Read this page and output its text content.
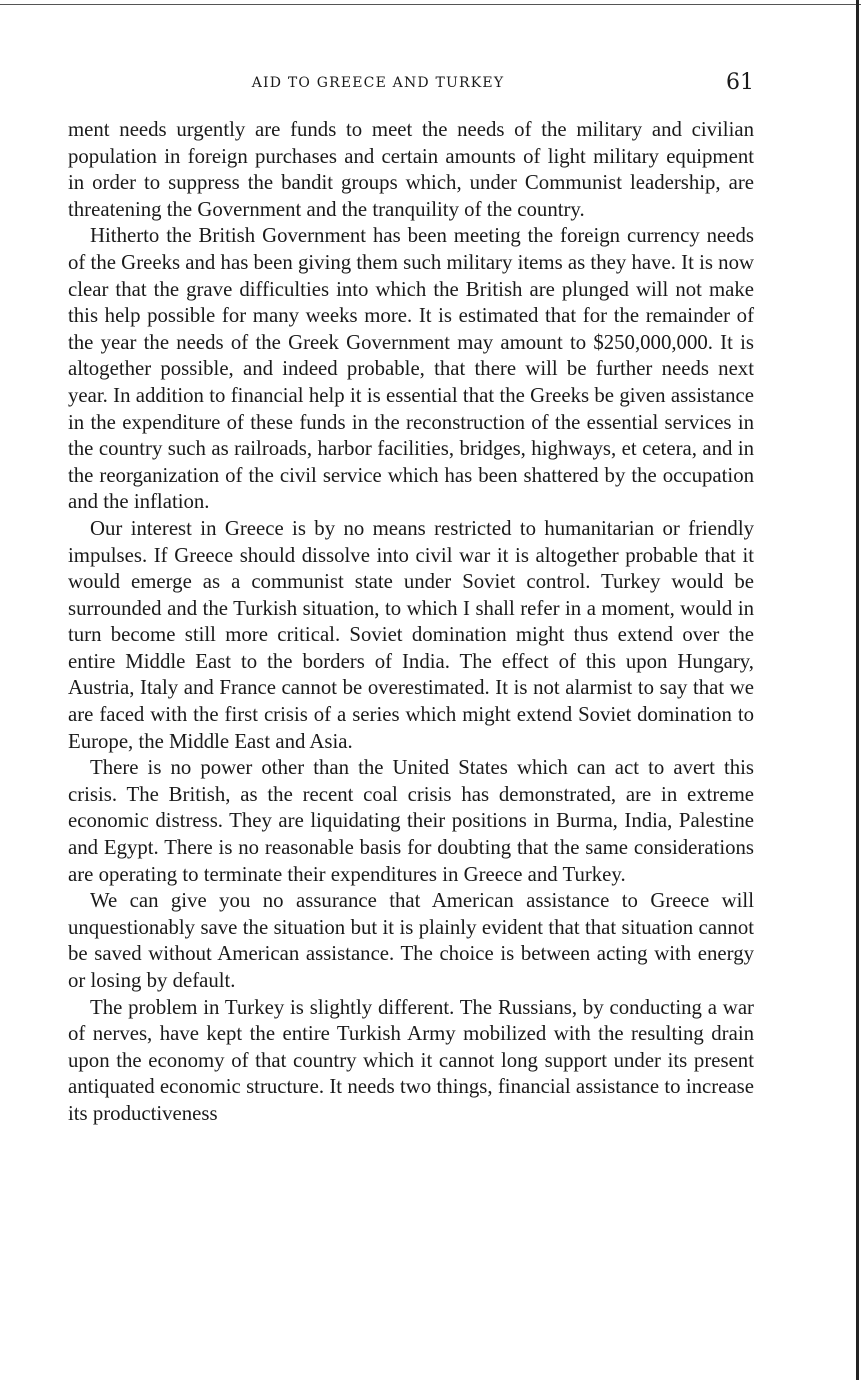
AID TO GREECE AND TURKEY	61

ment needs urgently are funds to meet the needs of the military and civilian population in foreign purchases and certain amounts of light military equipment in order to suppress the bandit groups which, under Communist leadership, are threatening the Government and the tranquility of the country.

Hitherto the British Government has been meeting the foreign currency needs of the Greeks and has been giving them such military items as they have. It is now clear that the grave difficulties into which the British are plunged will not make this help possible for many weeks more. It is estimated that for the remainder of the year the needs of the Greek Government may amount to $250,000,000. It is altogether possible, and indeed probable, that there will be further needs next year. In addition to financial help it is essential that the Greeks be given assistance in the expenditure of these funds in the reconstruction of the essential services in the country such as railroads, harbor facilities, bridges, highways, et cetera, and in the reorganization of the civil service which has been shattered by the occupation and the inflation.

Our interest in Greece is by no means restricted to humanitarian or friendly impulses. If Greece should dissolve into civil war it is altogether probable that it would emerge as a communist state under Soviet control. Turkey would be surrounded and the Turkish situation, to which I shall refer in a moment, would in turn become still more critical. Soviet domination might thus extend over the entire Middle East to the borders of India. The effect of this upon Hungary, Austria, Italy and France cannot be overestimated. It is not alarmist to say that we are faced with the first crisis of a series which might extend Soviet domination to Europe, the Middle East and Asia.

There is no power other than the United States which can act to avert this crisis. The British, as the recent coal crisis has demonstrated, are in extreme economic distress. They are liquidating their positions in Burma, India, Palestine and Egypt. There is no reasonable basis for doubting that the same considerations are operating to terminate their expenditures in Greece and Turkey.

We can give you no assurance that American assistance to Greece will unquestionably save the situation but it is plainly evident that that situation cannot be saved without American assistance. The choice is between acting with energy or losing by default.

The problem in Turkey is slightly different. The Russians, by conducting a war of nerves, have kept the entire Turkish Army mobilized with the resulting drain upon the economy of that country which it cannot long support under its present antiquated economic structure. It needs two things, financial assistance to increase its productiveness
